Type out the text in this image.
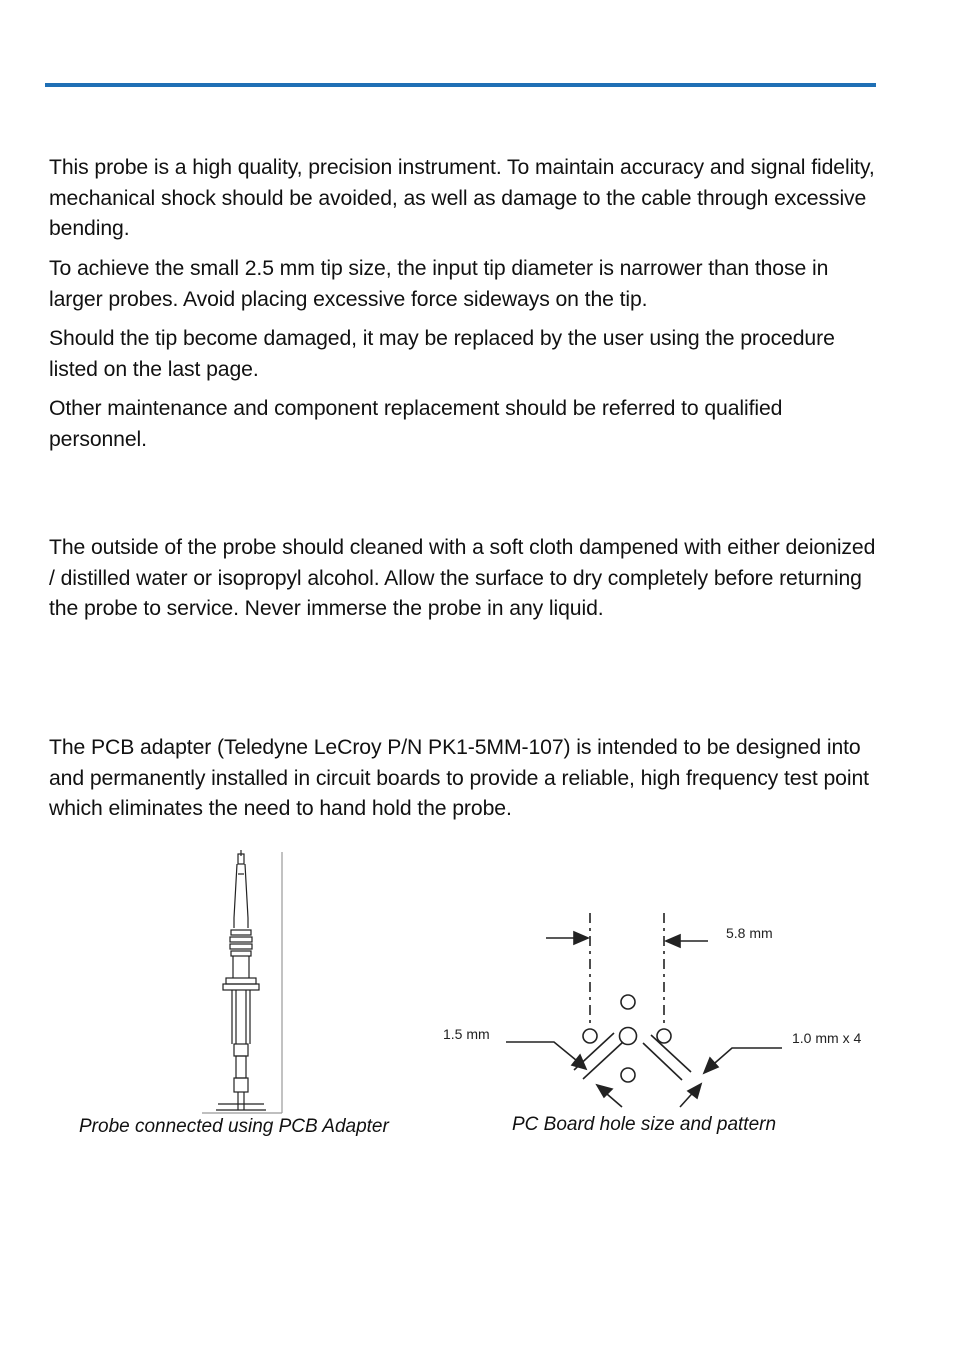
This probe is a high quality, precision instrument. To maintain accuracy and signal fidelity, mechanical shock should be avoided, as well as damage to the cable through excessive bending.

To achieve the small 2.5 mm tip size, the input tip diameter is narrower than those in larger probes. Avoid placing excessive force sideways on the tip.

Should the tip become damaged, it may be replaced by the user using the procedure listed on the last page.

Other maintenance and component replacement should be referred to qualified personnel.

The outside of the probe should cleaned with a soft cloth dampened with either deionized / distilled water or isopropyl alcohol. Allow the surface to dry completely before returning the probe to service. Never immerse the probe in any liquid.

The PCB adapter (Teledyne LeCroy P/N PK1-5MM-107) is intended to be designed into and permanently installed in circuit boards to provide a reliable, high frequency test point which eliminates the need to hand hold the probe.

Probe connected using PCB Adapter

5.8 mm
1.5 mm	1.0 mm x 4

PC Board hole size and pattern
